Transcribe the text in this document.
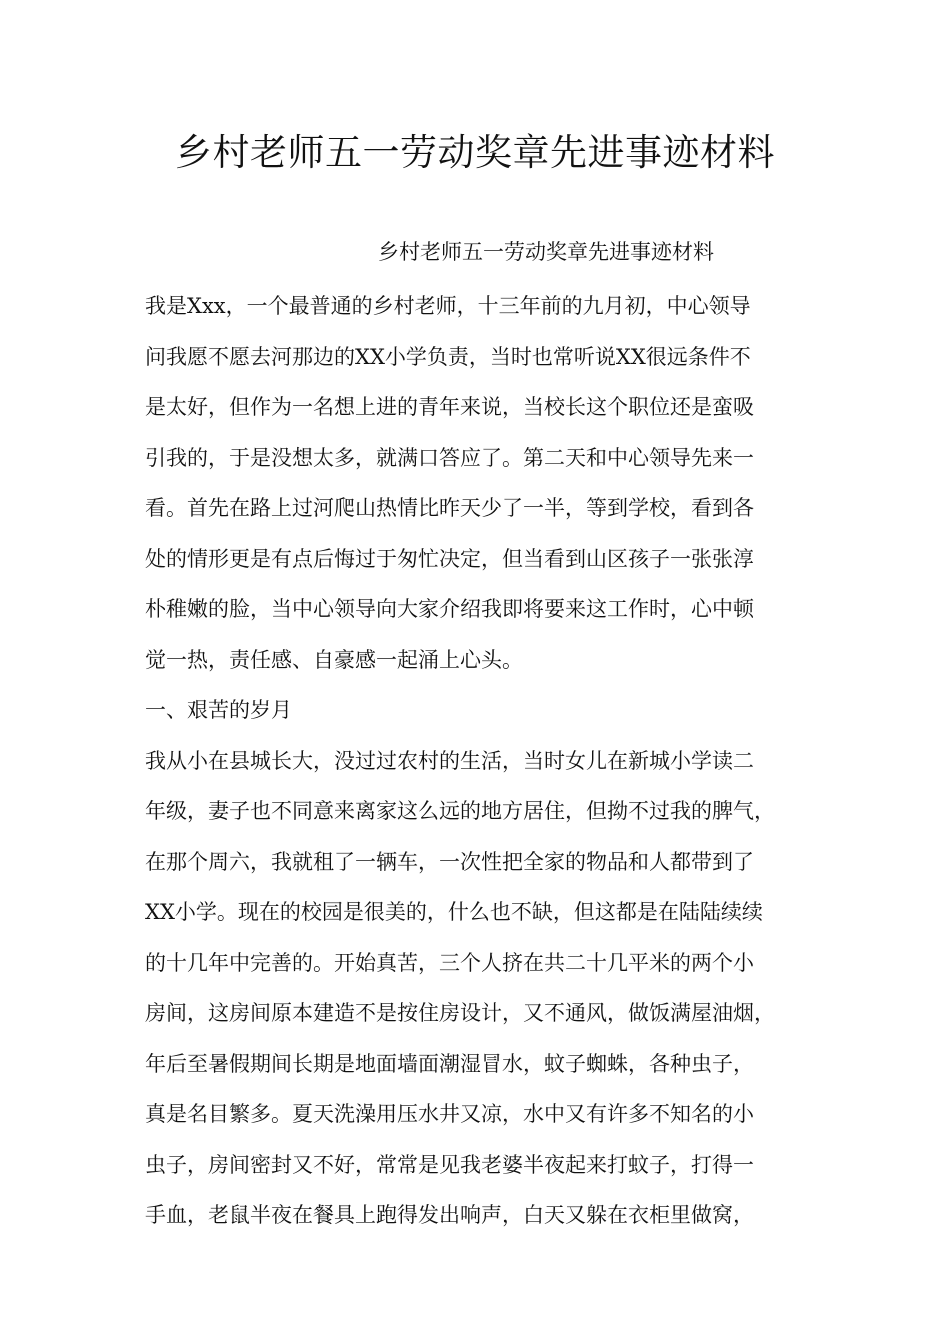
乡村老师五一劳动奖章先进事迹材料

乡村老师五一劳动奖章先进事迹材料

我是Xxx，一个最普通的乡村老师，十三年前的九月初，中心领导
问我愿不愿去河那边的XX小学负责，当时也常听说XX很远条件不
是太好，但作为一名想上进的青年来说，当校长这个职位还是蛮吸
引我的，于是没想太多，就满口答应了。第二天和中心领导先来一
看。首先在路上过河爬山热情比昨天少了一半，等到学校，看到各
处的情形更是有点后悔过于匆忙决定，但当看到山区孩子一张张淳
朴稚嫩的脸，当中心领导向大家介绍我即将要来这工作时，心中顿
觉一热，责任感、自豪感一起涌上心头。
一、艰苦的岁月
我从小在县城长大，没过过农村的生活，当时女儿在新城小学读二
年级，妻子也不同意来离家这么远的地方居住，但拗不过我的脾气，
在那个周六，我就租了一辆车，一次性把全家的物品和人都带到了
XX小学。现在的校园是很美的，什么也不缺，但这都是在陆陆续续
的十几年中完善的。开始真苦，三个人挤在共二十几平米的两个小
房间，这房间原本建造不是按住房设计，又不通风，做饭满屋油烟，
年后至暑假期间长期是地面墙面潮湿冒水，蚊子蜘蛛，各种虫子，
真是名目繁多。夏天洗澡用压水井又凉，水中又有许多不知名的小
虫子，房间密封又不好，常常是见我老婆半夜起来打蚊子，打得一
手血，老鼠半夜在餐具上跑得发出响声，白天又躲在衣柜里做窝，
